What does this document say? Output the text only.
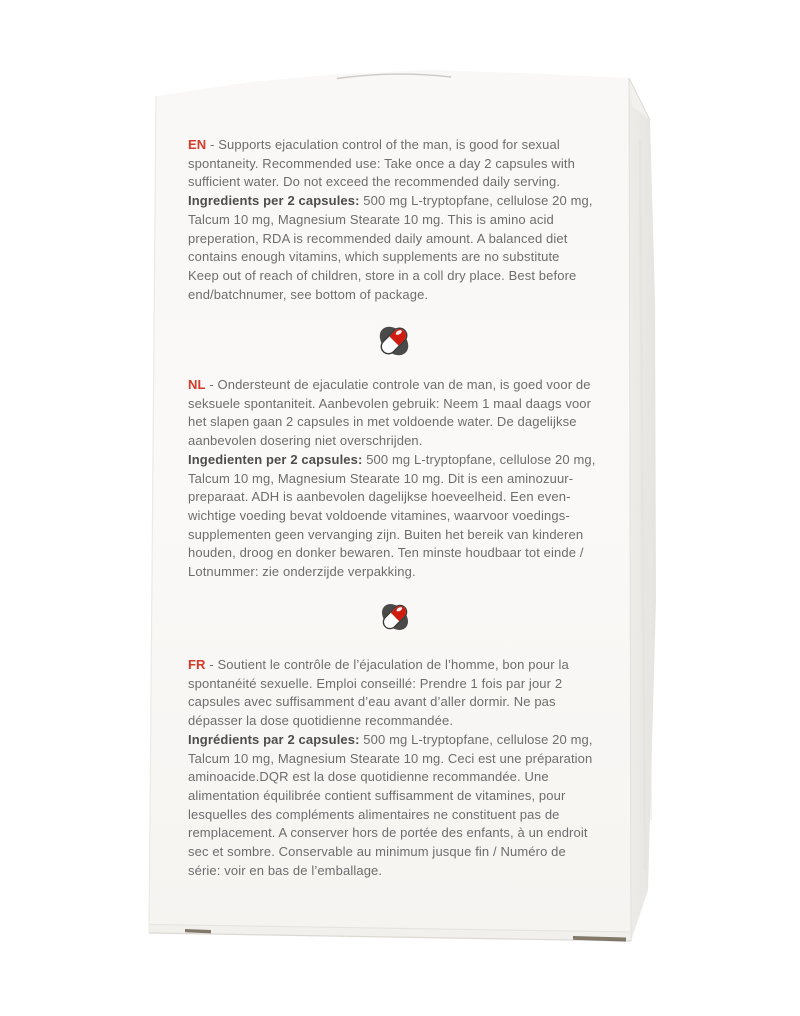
EN - Supports ejaculation control of the man, is good for sexual
spontaneity. Recommended use: Take once a day 2 capsules with
sufficient water. Do not exceed the recommended daily serving.
Ingredients per 2 capsules: 500 mg L-tryptopfane, cellulose 20 mg,
Talcum 10 mg, Magnesium Stearate 10 mg. This is amino acid
preperation, RDA is recommended daily amount. A balanced diet
contains enough vitamins, which supplements are no substitute
Keep out of reach of children, store in a coll dry place. Best before
end/batchnumer, see bottom of package.
NL - Ondersteunt de ejaculatie controle van de man, is goed voor de
seksuele spontaniteit. Aanbevolen gebruik: Neem 1 maal daags voor
het slapen gaan 2 capsules in met voldoende water. De dagelijkse
aanbevolen dosering niet overschrijden.
Ingedienten per 2 capsules: 500 mg L-tryptopfane, cellulose 20 mg,
Talcum 10 mg, Magnesium Stearate 10 mg. Dit is een aminozuur-
preparaat. ADH is aanbevolen dagelijkse hoeveelheid. Een even-
wichtige voeding bevat voldoende vitamines, waarvoor voedings-
supplementen geen vervanging zijn. Buiten het bereik van kinderen
houden, droog en donker bewaren. Ten minste houdbaar tot einde /
Lotnummer: zie onderzijde verpakking.
FR - Soutient le contrôle de l’éjaculation de l’homme, bon pour la
spontanéité sexuelle. Emploi conseillé: Prendre 1 fois par jour 2
capsules avec suffisamment d’eau avant d’aller dormir. Ne pas
dépasser la dose quotidienne recommandée.
Ingrédients par 2 capsules: 500 mg L-tryptopfane, cellulose 20 mg,
Talcum 10 mg, Magnesium Stearate 10 mg. Ceci est une préparation
aminoacide.DQR est la dose quotidienne recommandée. Une
alimentation équilibrée contient suffisamment de vitamines, pour
lesquelles des compléments alimentaires ne constituent pas de
remplacement. A conserver hors de portée des enfants, à un endroit
sec et sombre. Conservable au minimum jusque fin / Numéro de
série: voir en bas de l’emballage.
